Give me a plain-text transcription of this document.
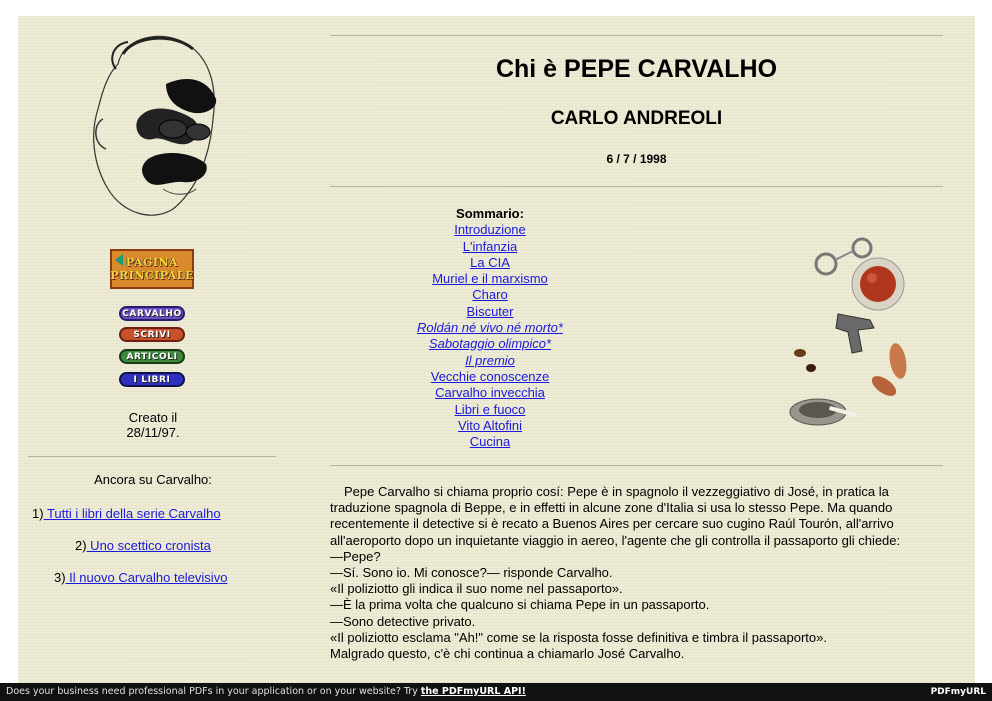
PAGINA
PRINCIPALE
CARVALHO
SCRIVI
ARTICOLI
I LIBRI
Creato il
28/11/97.
Ancora su Carvalho:
1) Tutti i libri della serie Carvalho
2) Uno scettico cronista
3) Il nuovo Carvalho televisivo
Chi è PEPE CARVALHO
CARLO ANDREOLI
6 / 7 / 1998
Sommario:
Introduzione
L'infanzia
La CIA
Muriel e il marxismo
Charo
Biscuter
Roldán né vivo né morto*
Sabotaggio olimpico*
Il premio
Vecchie conoscenze
Carvalho invecchia
Libri e fuoco
Vito Altofini
Cucina

Pepe Carvalho si chiama proprio cosí: Pepe è in spagnolo il vezzeggiativo di José, in pratica la traduzione spagnola di Beppe, e in effetti in alcune zone d'Italia si usa lo stesso Pepe. Ma quando recentemente il detective si è recato a Buenos Aires per cercare suo cugino Raúl Tourón, all'arrivo all'aeroporto dopo un inquietante viaggio in aereo, l'agente che gli controlla il passaporto gli chiede:

—Pepe?

—Sí. Sono io. Mi conosce?— risponde Carvalho.

«Il poliziotto gli indica il suo nome nel passaporto».

—È la prima volta che qualcuno si chiama Pepe in un passaporto.

—Sono detective privato.

«Il poliziotto esclama "Ah!" come se la risposta fosse definitiva e timbra il passaporto».

Malgrado questo, c'è chi continua a chiamarlo José Carvalho.

Does your business need professional PDFs in your application or on your website? Try the PDFmyURL API!	PDFmyURL
